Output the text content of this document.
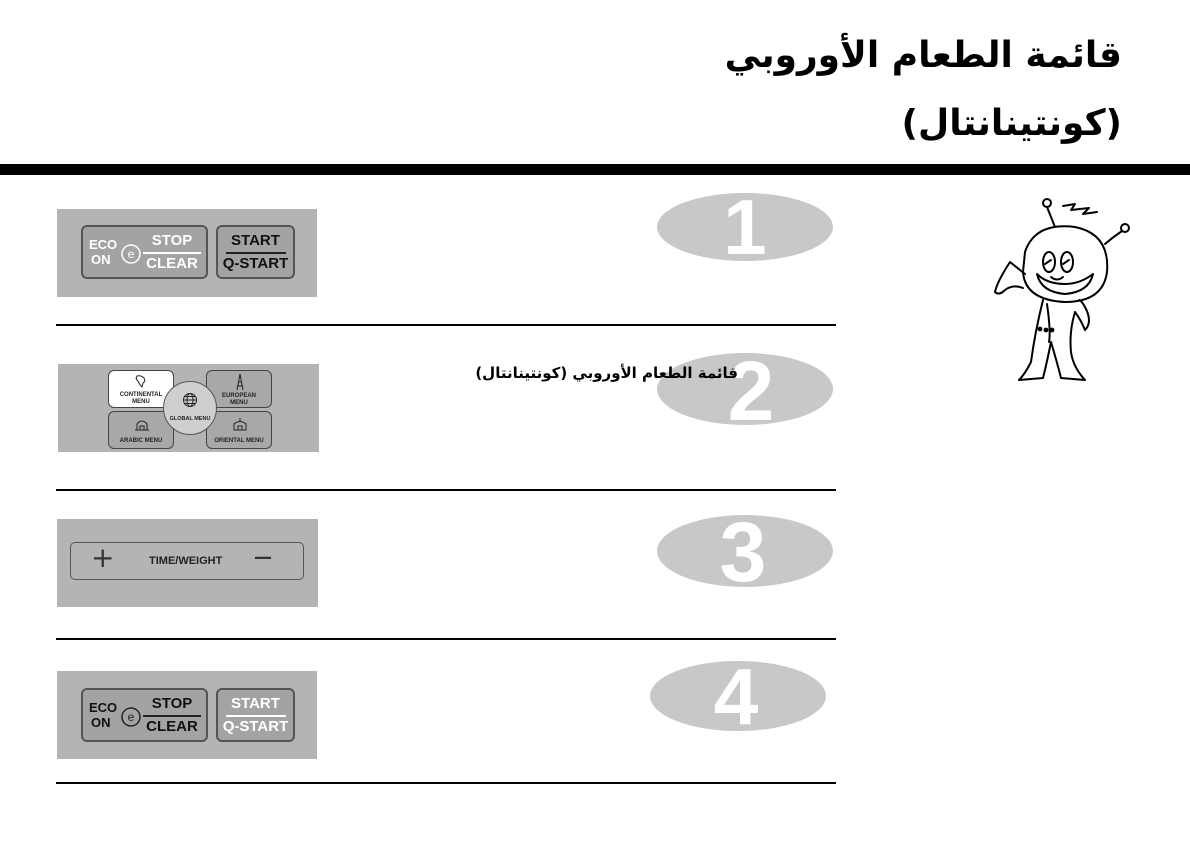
قائمة الطعام الأوروبي
(كونتينانتال)
1
ECO
ON	e
STOP
CLEAR
START
Q-START
2
قائمة الطعام الأوروبي (كونتينانتال)
CONTINENTAL
MENU
EUROPEAN
MENU
ARABIC MENU	ORIENTAL MENU
GLOBAL MENU
3
+	TIME/WEIGHT —
4
ECO
ON	e
STOP
CLEAR
START
Q-START
